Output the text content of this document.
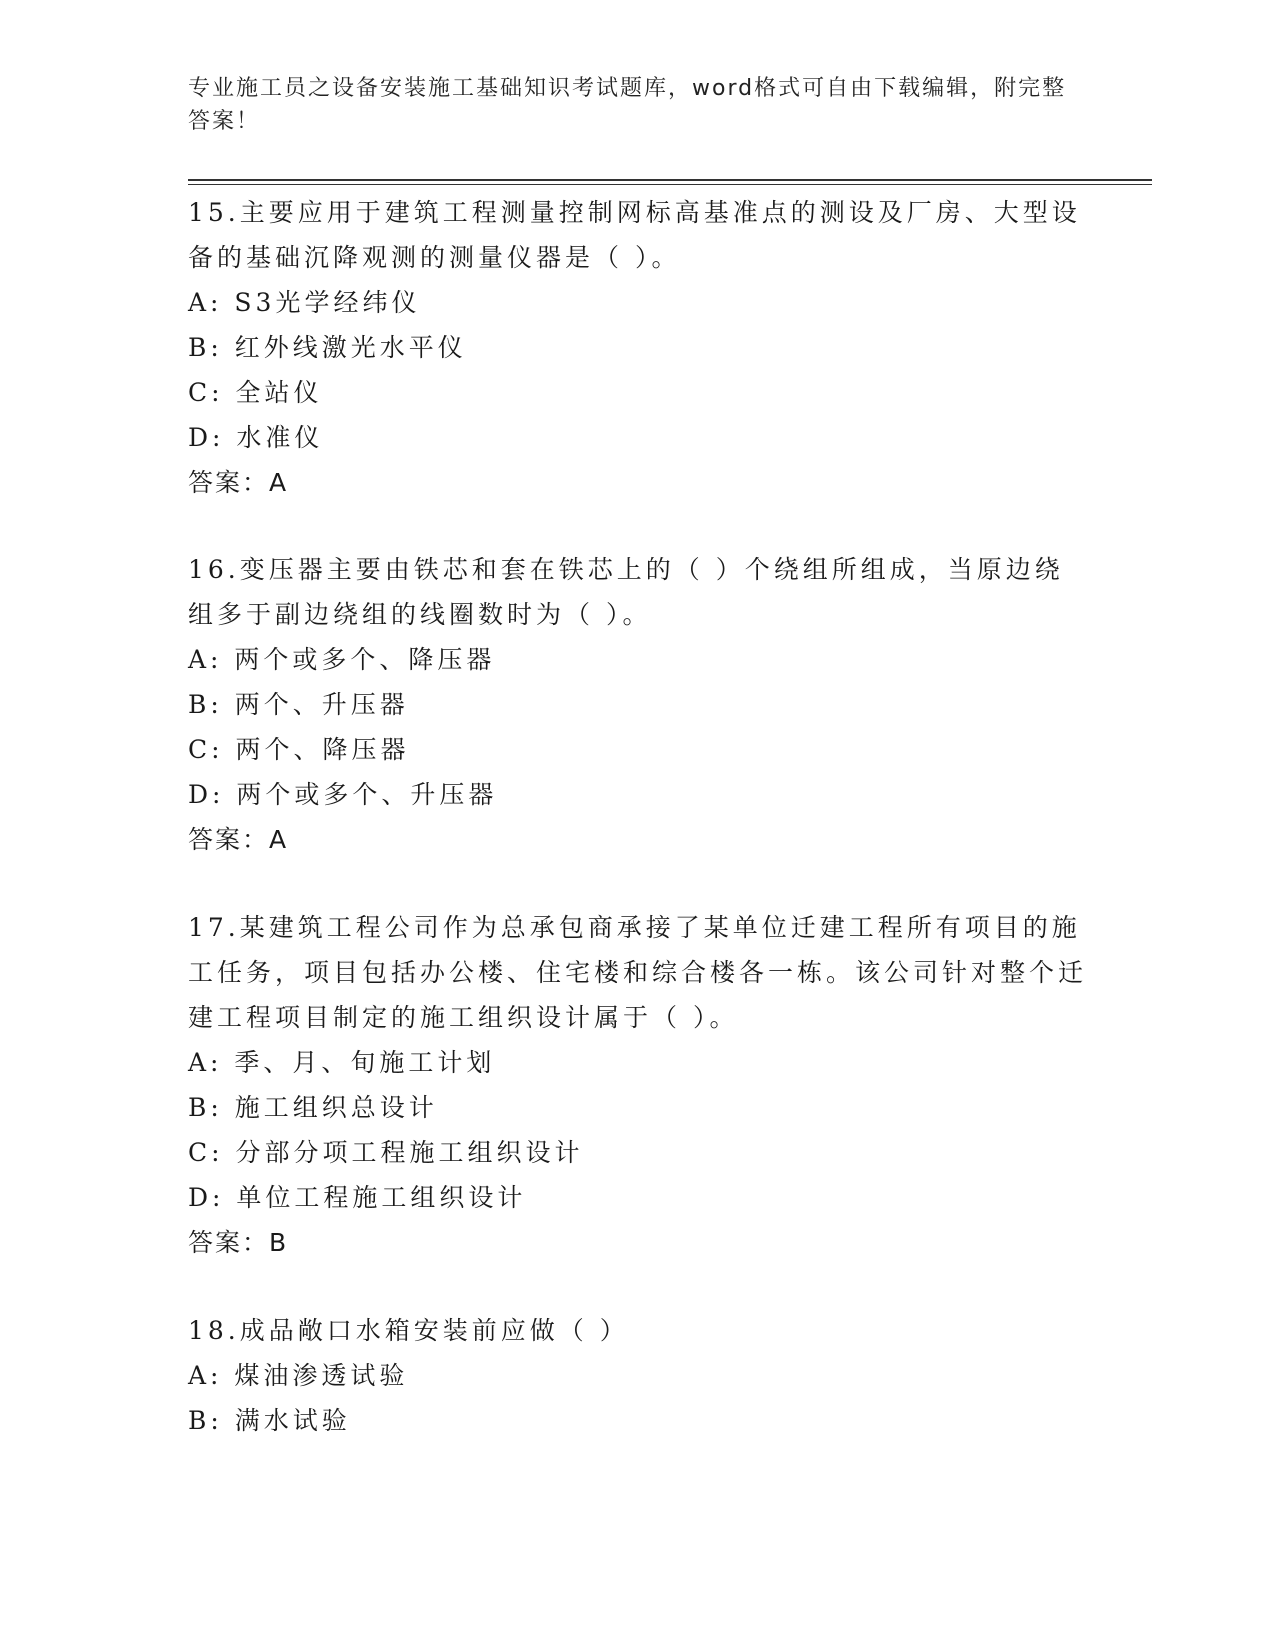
专业施工员之设备安装施工基础知识考试题库，word格式可自由下载编辑，附完整答案！

15.主要应用于建筑工程测量控制网标高基准点的测设及厂房、大型设备的基础沉降观测的测量仪器是（ ）。

A: S3光学经纬仪

B: 红外线激光水平仪

C: 全站仪

D: 水准仪

答案：A

16.变压器主要由铁芯和套在铁芯上的（ ）个绕组所组成，当原边绕组多于副边绕组的线圈数时为（ ）。

A: 两个或多个、降压器

B: 两个、升压器

C: 两个、降压器

D: 两个或多个、升压器

答案：A

17.某建筑工程公司作为总承包商承接了某单位迁建工程所有项目的施工任务，项目包括办公楼、住宅楼和综合楼各一栋。该公司针对整个迁建工程项目制定的施工组织设计属于（ ）。

A: 季、月、旬施工计划

B: 施工组织总设计

C: 分部分项工程施工组织设计

D: 单位工程施工组织设计

答案：B

18.成品敞口水箱安装前应做（ ）

A: 煤油渗透试验

B: 满水试验
